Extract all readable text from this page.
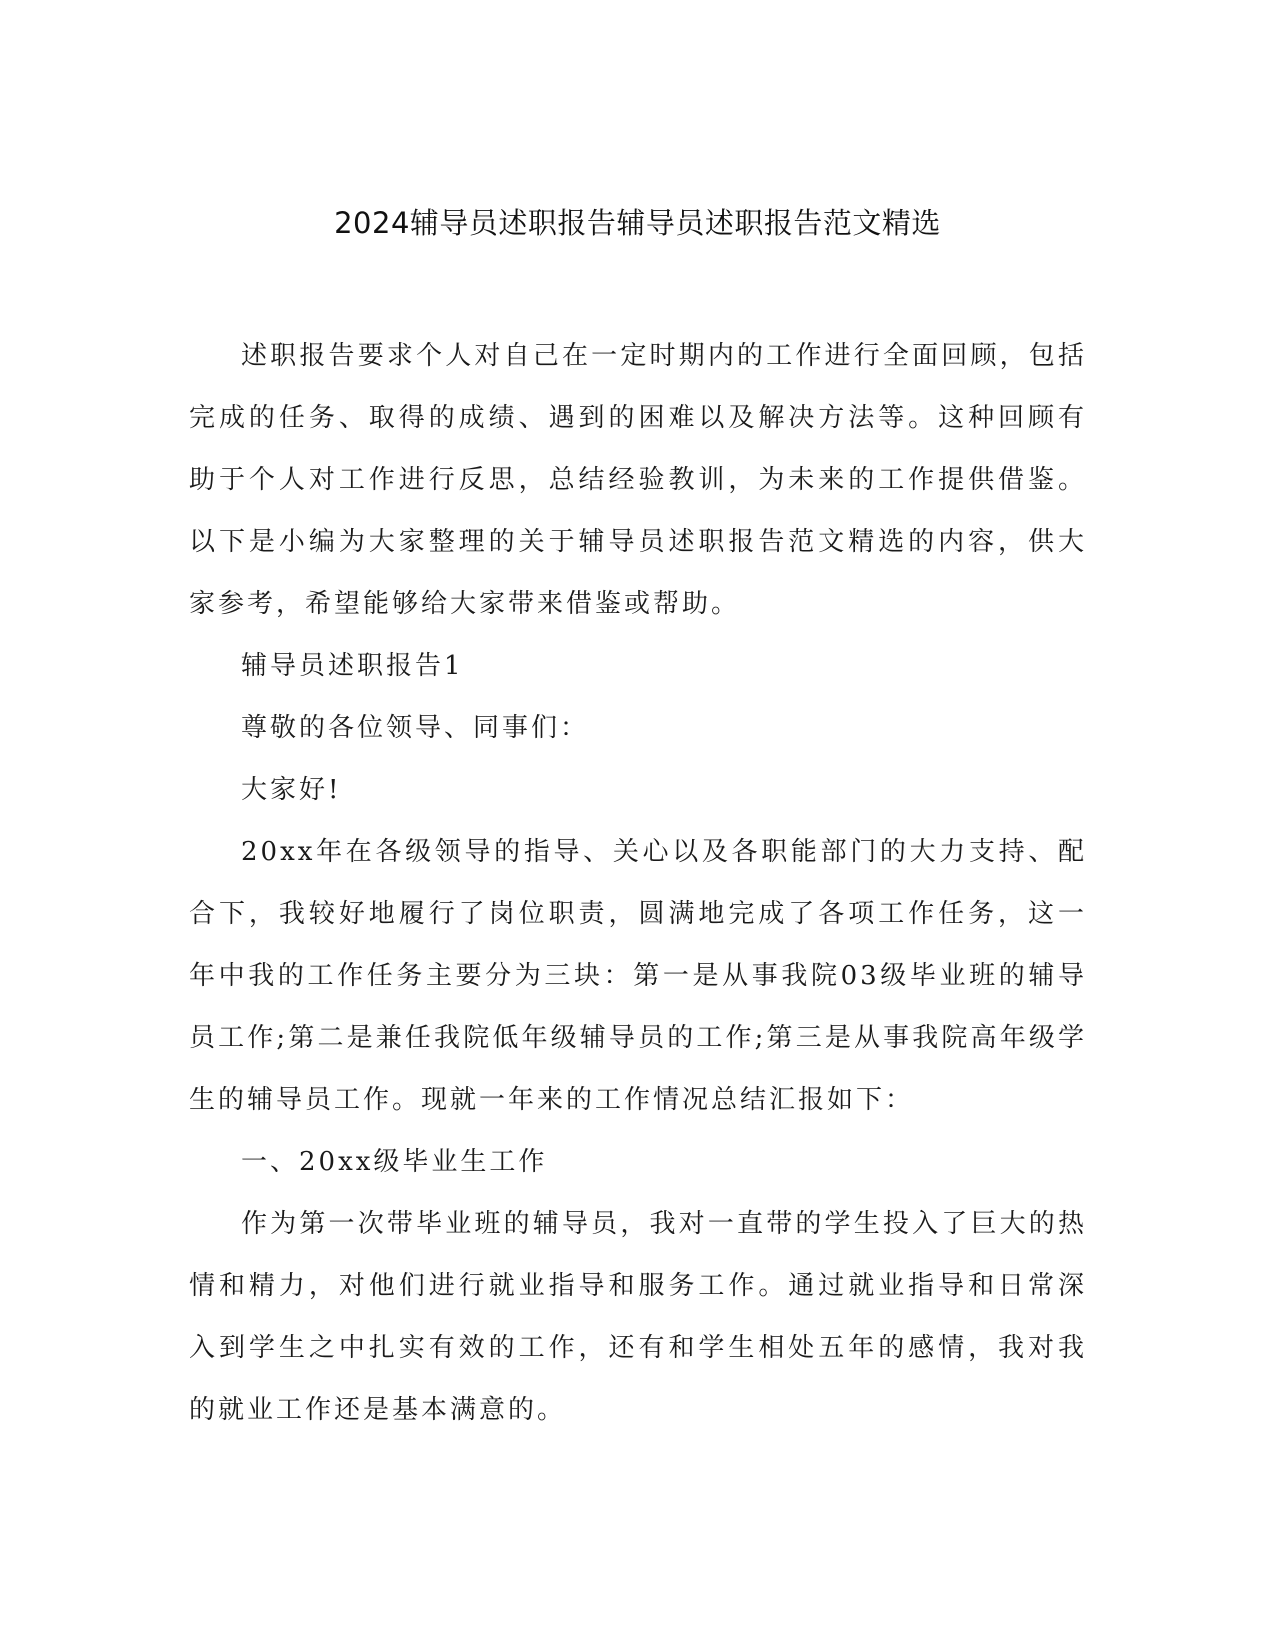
2024辅导员述职报告辅导员述职报告范文精选

述职报告要求个人对自己在一定时期内的工作进行全面回顾，包括完成的任务、取得的成绩、遇到的困难以及解决方法等。这种回顾有助于个人对工作进行反思，总结经验教训，为未来的工作提供借鉴。以下是小编为大家整理的关于辅导员述职报告范文精选的内容，供大家参考，希望能够给大家带来借鉴或帮助。

辅导员述职报告1

尊敬的各位领导、同事们：

大家好!

20xx年在各级领导的指导、关心以及各职能部门的大力支持、配合下，我较好地履行了岗位职责，圆满地完成了各项工作任务，这一年中我的工作任务主要分为三块：第一是从事我院03级毕业班的辅导员工作;第二是兼任我院低年级辅导员的工作;第三是从事我院高年级学生的辅导员工作。现就一年来的工作情况总结汇报如下：

一、20xx级毕业生工作

作为第一次带毕业班的辅导员，我对一直带的学生投入了巨大的热情和精力，对他们进行就业指导和服务工作。通过就业指导和日常深入到学生之中扎实有效的工作，还有和学生相处五年的感情，我对我的就业工作还是基本满意的。
